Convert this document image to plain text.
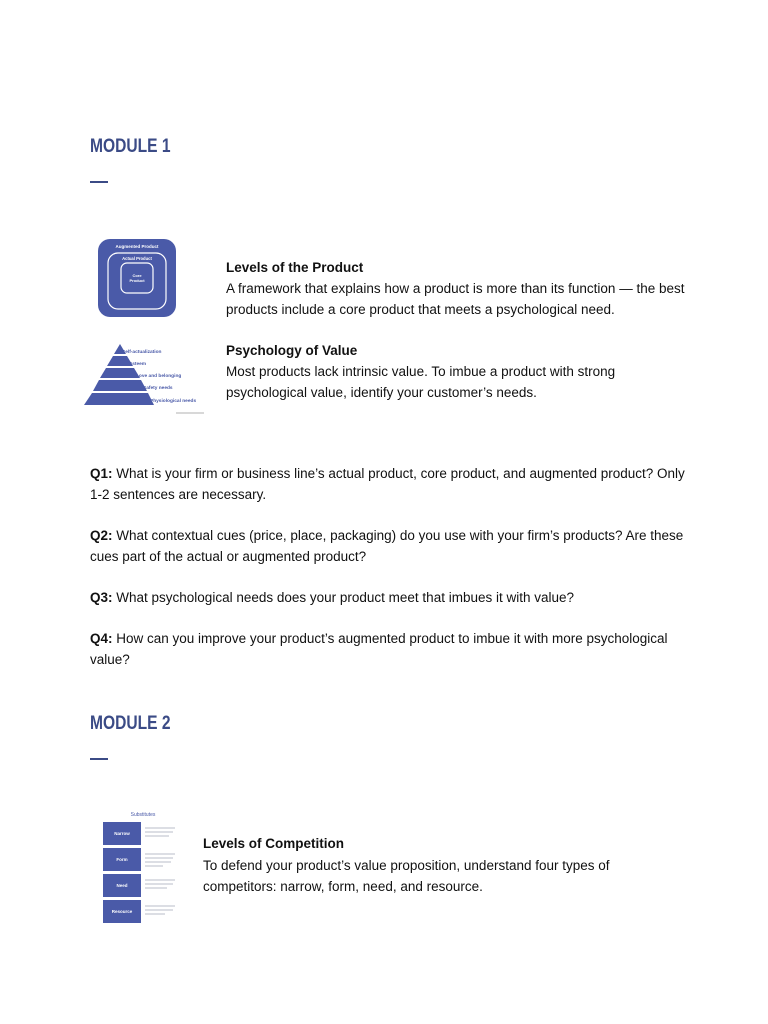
MODULE 1
Augmented Product
Actual Product
Core
Product
Levels of the Product
A framework that explains how a product is more than its function — the best products include a core product that meets a psychological need.
Self-actualization
Esteem
Love and belonging
Safety needs
Physiological needs
Psychology of Value
Most products lack intrinsic value. To imbue a product with strong psychological value, identify your customer’s needs.
Q1: What is your firm or business line’s actual product, core product, and augmented product? Only 1-2 sentences are necessary.
Q2: What contextual cues (price, place, packaging) do you use with your firm’s products? Are these cues part of the actual or augmented product?
Q3: What psychological needs does your product meet that imbues it with value?
Q4: How can you improve your product’s augmented product to imbue it with more psychological value?
MODULE 2
Substitutes
Narrow
Form
Need
Resource
Levels of Competition
To defend your product’s value proposition, understand four types of competitors: narrow, form, need, and resource.
